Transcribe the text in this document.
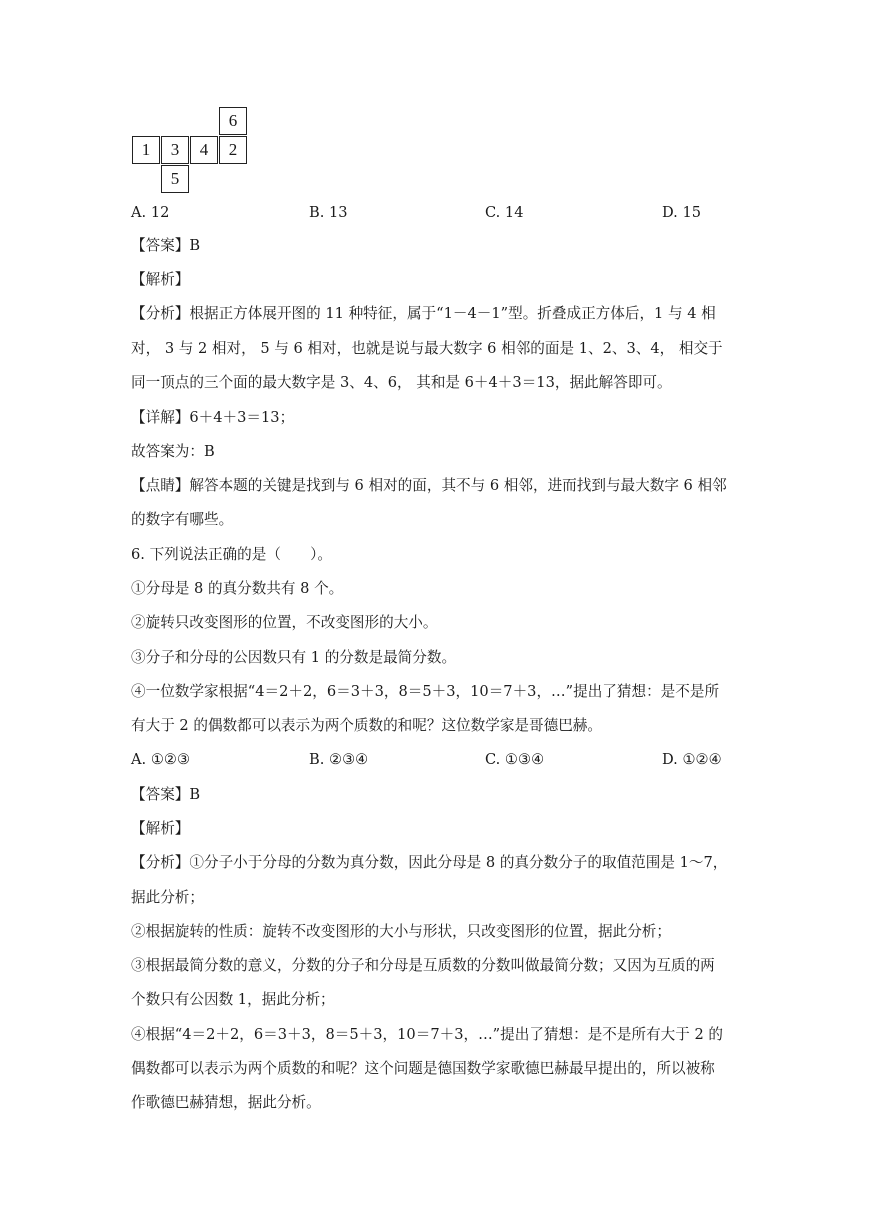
6
1	3	4	2
5
A. 12	B. 13	C. 14	D. 15
【答案】B
【解析】
【分析】根据正方体展开图的 11 种特征，属于“1－4－1”型。折叠成正方体后，1 与 4 相
对， 3 与 2 相对， 5 与 6 相对，也就是说与最大数字 6 相邻的面是 1、2、3、4， 相交于
同一顶点的三个面的最大数字是 3、4、6， 其和是 6＋4＋3＝13，据此解答即可。
【详解】6＋4＋3＝13；
故答案为：B
【点睛】解答本题的关键是找到与 6 相对的面，其不与 6 相邻，进而找到与最大数字 6 相邻
的数字有哪些。
6. 下列说法正确的是（　　）。
①分母是 8 的真分数共有 8 个。
②旋转只改变图形的位置，不改变图形的大小。
③分子和分母的公因数只有 1 的分数是最简分数。
④一位数学家根据“4＝2＋2，6＝3＋3，8＝5＋3，10＝7＋3，…”提出了猜想：是不是所
有大于 2 的偶数都可以表示为两个质数的和呢？这位数学家是哥德巴赫。
A. ①②③	B. ②③④	C. ①③④	D. ①②④
【答案】B
【解析】
【分析】①分子小于分母的分数为真分数，因此分母是 8 的真分数分子的取值范围是 1～7，
据此分析；
②根据旋转的性质：旋转不改变图形的大小与形状，只改变图形的位置，据此分析；
③根据最简分数的意义，分数的分子和分母是互质数的分数叫做最简分数；又因为互质的两
个数只有公因数 1，据此分析；
④根据“4＝2＋2，6＝3＋3，8＝5＋3，10＝7＋3，…”提出了猜想：是不是所有大于 2 的
偶数都可以表示为两个质数的和呢？这个问题是德国数学家歌德巴赫最早提出的，所以被称
作歌德巴赫猜想，据此分析。
